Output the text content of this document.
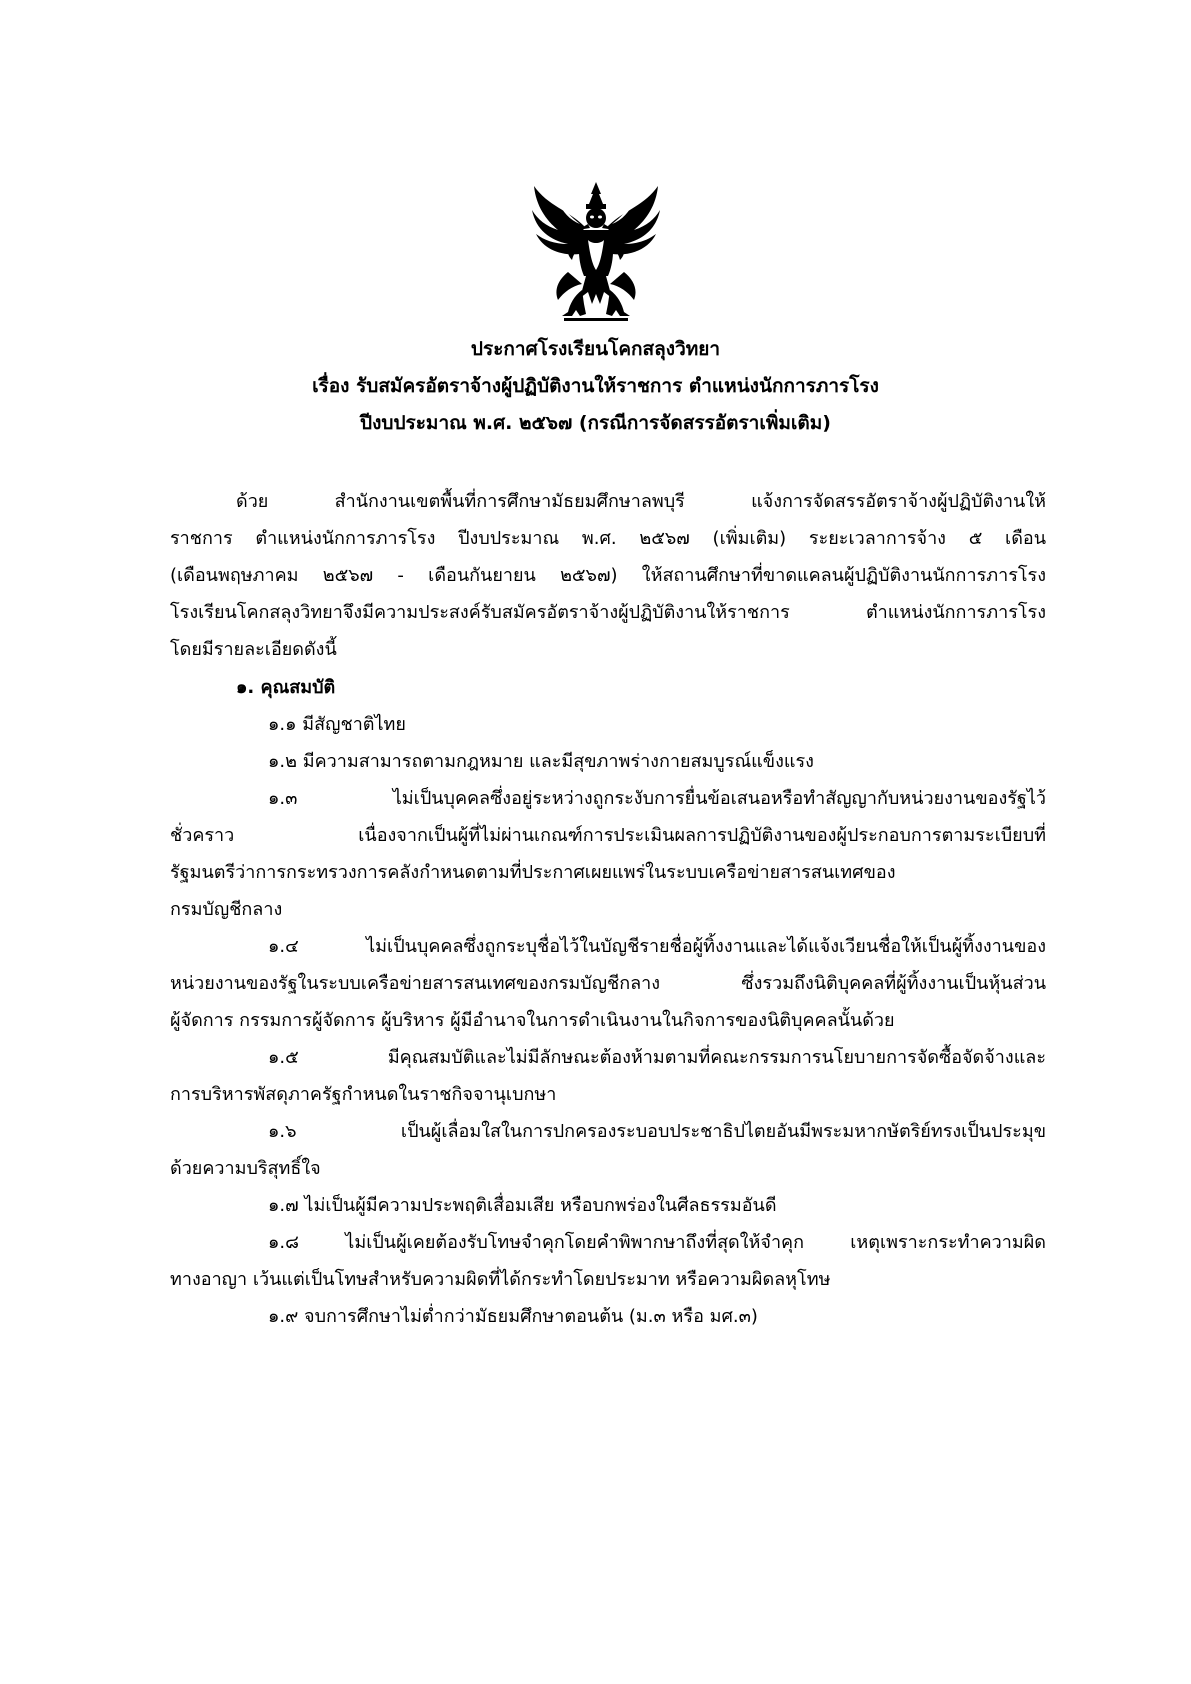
ประกาศโรงเรียนโคกสลุงวิทยา
เรื่อง รับสมัครอัตราจ้างผู้ปฏิบัติงานให้ราชการ ตำแหน่งนักการภารโรง
ปีงบประมาณ พ.ศ. ๒๕๖๗ (กรณีการจัดสรรอัตราเพิ่มเติม)
ด้วย สำนักงานเขตพื้นที่การศึกษามัธยมศึกษาลพบุรี แจ้งการจัดสรรอัตราจ้างผู้ปฏิบัติงานให้
ราชการ ตำแหน่งนักการภารโรง ปีงบประมาณ พ.ศ. ๒๕๖๗ (เพิ่มเติม) ระยะเวลาการจ้าง ๕ เดือน
(เดือนพฤษภาคม ๒๕๖๗ - เดือนกันยายน ๒๕๖๗) ให้สถานศึกษาที่ขาดแคลนผู้ปฏิบัติงานนักการภารโรง
โรงเรียนโคกสลุงวิทยาจึงมีความประสงค์รับสมัครอัตราจ้างผู้ปฏิบัติงานให้ราชการ ตำแหน่งนักการภารโรง
โดยมีรายละเอียดดังนี้
๑. คุณสมบัติ
๑.๑ มีสัญชาติไทย
๑.๒ มีความสามารถตามกฎหมาย และมีสุขภาพร่างกายสมบูรณ์แข็งแรง
๑.๓ ไม่เป็นบุคคลซึ่งอยู่ระหว่างถูกระงับการยื่นข้อเสนอหรือทำสัญญากับหน่วยงานของรัฐไว้
ชั่วคราว เนื่องจากเป็นผู้ที่ไม่ผ่านเกณฑ์การประเมินผลการปฏิบัติงานของผู้ประกอบการตามระเบียบที่
รัฐมนตรีว่าการกระทรวงการคลังกำหนดตามที่ประกาศเผยแพร่ในระบบเครือข่ายสารสนเทศของ
กรมบัญชีกลาง
๑.๔ ไม่เป็นบุคคลซึ่งถูกระบุชื่อไว้ในบัญชีรายชื่อผู้ทิ้งงานและได้แจ้งเวียนชื่อให้เป็นผู้ทิ้งงานของ
หน่วยงานของรัฐในระบบเครือข่ายสารสนเทศของกรมบัญชีกลาง ซึ่งรวมถึงนิติบุคคลที่ผู้ทิ้งงานเป็นหุ้นส่วน
ผู้จัดการ กรรมการผู้จัดการ ผู้บริหาร ผู้มีอำนาจในการดำเนินงานในกิจการของนิติบุคคลนั้นด้วย
๑.๕ มีคุณสมบัติและไม่มีลักษณะต้องห้ามตามที่คณะกรรมการนโยบายการจัดซื้อจัดจ้างและ
การบริหารพัสดุภาครัฐกำหนดในราชกิจจานุเบกษา
๑.๖ เป็นผู้เลื่อมใสในการปกครองระบอบประชาธิปไตยอันมีพระมหากษัตริย์ทรงเป็นประมุข
ด้วยความบริสุทธิ์ใจ
๑.๗ ไม่เป็นผู้มีความประพฤติเสื่อมเสีย หรือบกพร่องในศีลธรรมอันดี
๑.๘ ไม่เป็นผู้เคยต้องรับโทษจำคุกโดยคำพิพากษาถึงที่สุดให้จำคุก เหตุเพราะกระทำความผิด
ทางอาญา เว้นแต่เป็นโทษสำหรับความผิดที่ได้กระทำโดยประมาท หรือความผิดลหุโทษ
๑.๙ จบการศึกษาไม่ต่ำกว่ามัธยมศึกษาตอนต้น (ม.๓ หรือ มศ.๓)
